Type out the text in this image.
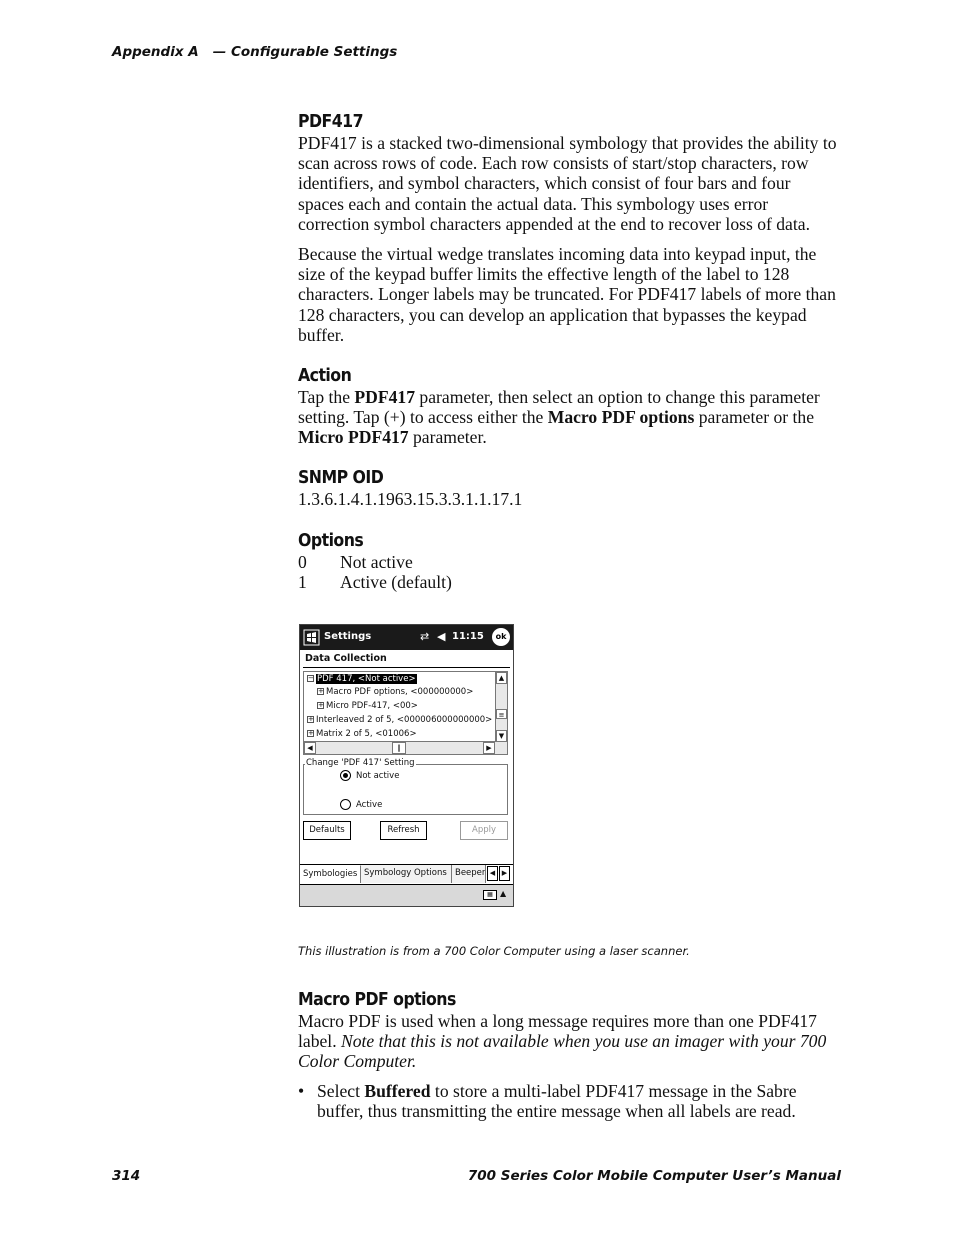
Appendix A   — Configurable Settings
PDF417

PDF417 is a stacked two-dimensional symbology that provides the ability to scan across rows of code. Each row consists of start/stop characters, row identifiers, and symbol characters, which consist of four bars and four spaces each and contain the actual data. This symbology uses error correction symbol characters appended at the end to recover loss of data.

Because the virtual wedge translates incoming data into keypad input, the size of the keypad buffer limits the effective length of the label to 128 characters. Longer labels may be truncated. For PDF417 labels of more than 128 characters, you can develop an application that bypasses the keypad buffer.

Action

Tap the PDF417 parameter, then select an option to change this parameter setting. Tap (+) to access either the Macro PDF options parameter or the Micro PDF417 parameter.

SNMP OID

1.3.6.1.4.1.1963.15.3.3.1.1.17.1

Options
0 Not active
1 Active (default)
Settings	⇄ ◀ 11:15	ok
Data Collection
− PDF 417, <Not active>
+ Macro PDF options, <000000000>
+ Micro PDF-417, <00>
+ Interleaved 2 of 5, <000006000000000>
+ Matrix 2 of 5, <01006>
▲
≡
▼
◀	‖	▶
Change 'PDF 417' Setting
Not active
Active
Defaults	Refresh	Apply
Symbologies Symbology Options Beeper ◀ ▶
▦ ▲
This illustration is from a 700 Color Computer using a laser scanner.
Macro PDF options

Macro PDF is used when a long message requires more than one PDF417 label. Note that this is not available when you use an imager with your 700 Color Computer.

• Select Buffered to store a multi-label PDF417 message in the Sabre buffer, thus transmitting the entire message when all labels are read.

314	700 Series Color Mobile Computer User’s Manual
